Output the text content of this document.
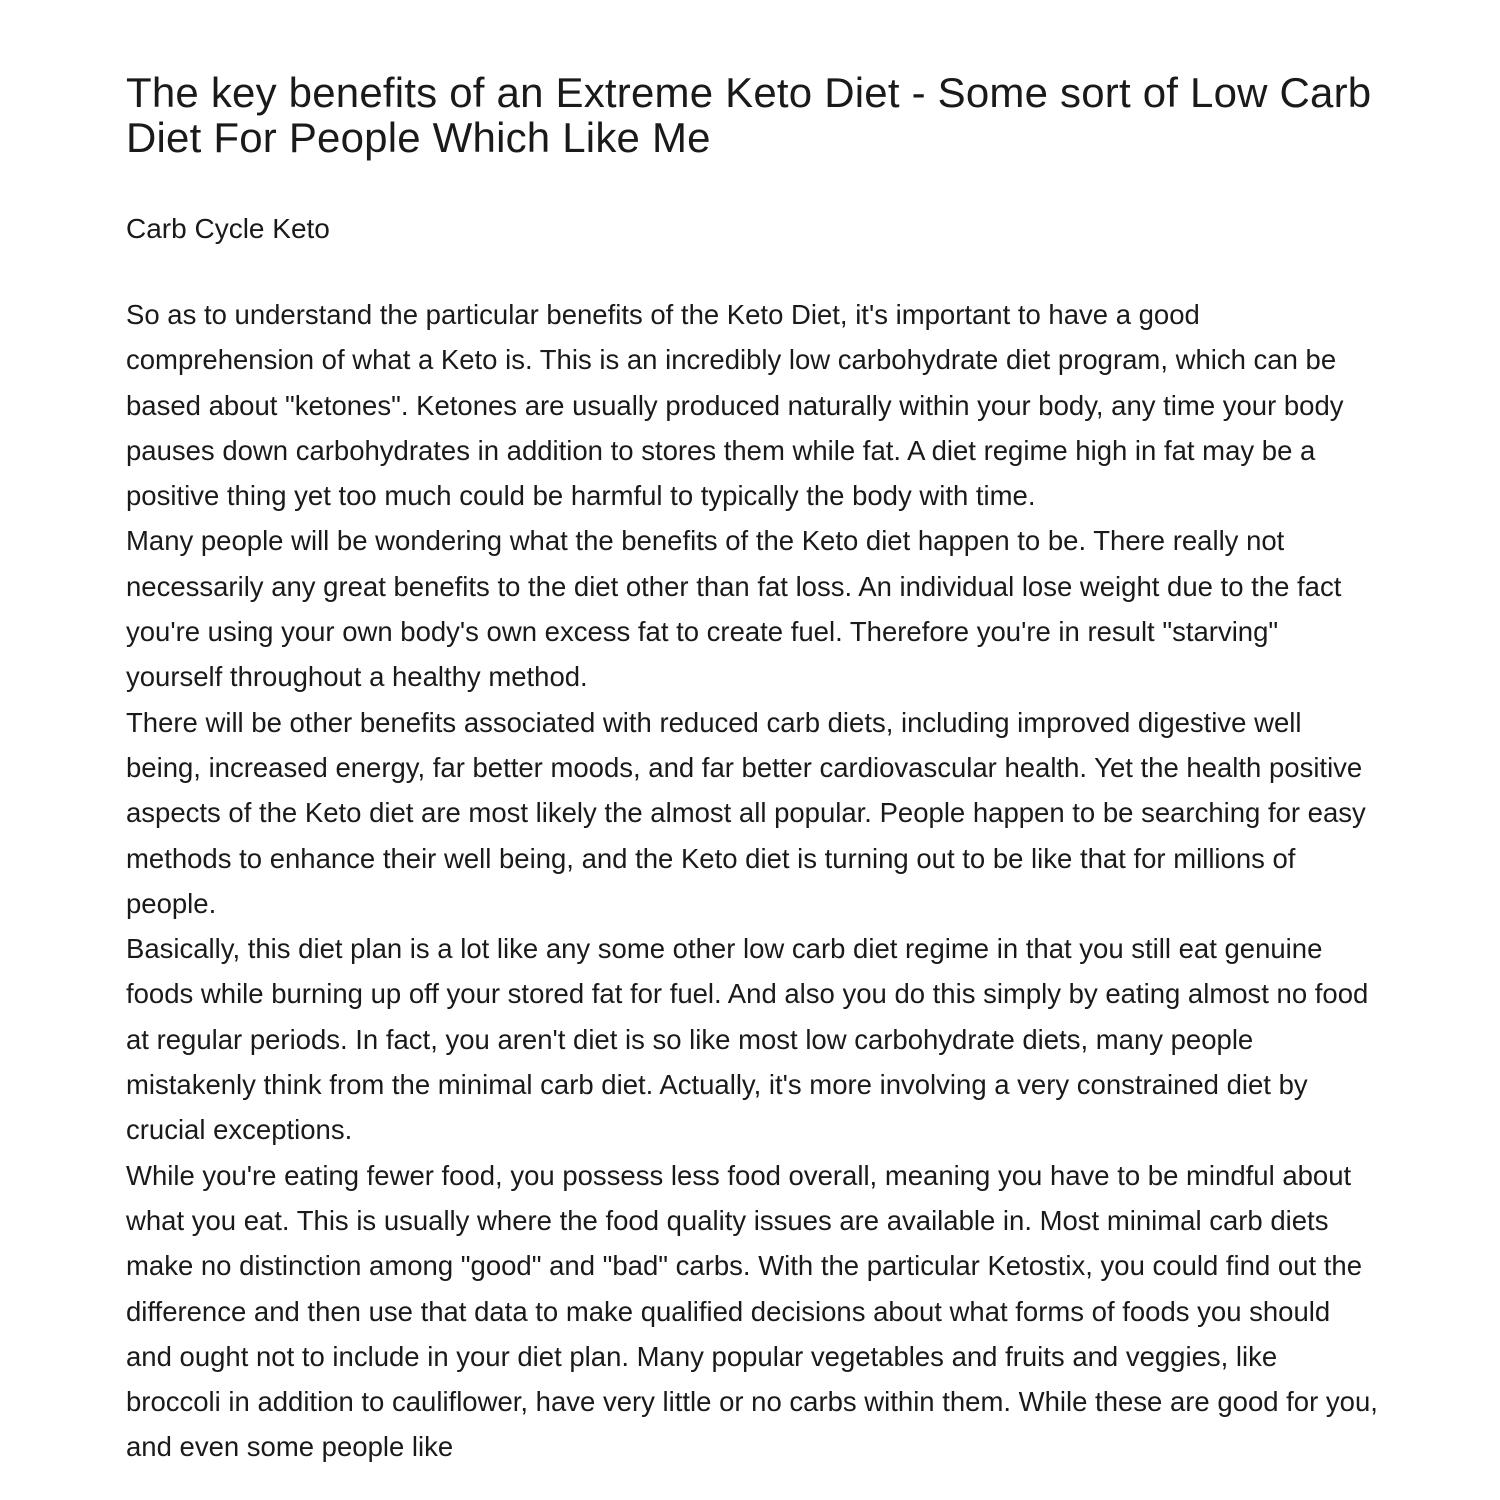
The key benefits of an Extreme Keto Diet - Some sort of Low Carb Diet For People Which Like Me

Carb Cycle Keto

So as to understand the particular benefits of the Keto Diet, it's important to have a good comprehension of what a Keto is. This is an incredibly low carbohydrate diet program, which can be based about "ketones". Ketones are usually produced naturally within your body, any time your body pauses down carbohydrates in addition to stores them while fat. A diet regime high in fat may be a positive thing yet too much could be harmful to typically the body with time.

Many people will be wondering what the benefits of the Keto diet happen to be. There really not necessarily any great benefits to the diet other than fat loss. An individual lose weight due to the fact you're using your own body's own excess fat to create fuel. Therefore you're in result "starving" yourself throughout a healthy method.

There will be other benefits associated with reduced carb diets, including improved digestive well being, increased energy, far better moods, and far better cardiovascular health. Yet the health positive aspects of the Keto diet are most likely the almost all popular. People happen to be searching for easy methods to enhance their well being, and the Keto diet is turning out to be like that for millions of people.

Basically, this diet plan is a lot like any some other low carb diet regime in that you still eat genuine foods while burning up off your stored fat for fuel. And also you do this simply by eating almost no food at regular periods. In fact, you aren't diet is so like most low carbohydrate diets, many people mistakenly think from the minimal carb diet. Actually, it's more involving a very constrained diet by crucial exceptions.

While you're eating fewer food, you possess less food overall, meaning you have to be mindful about what you eat. This is usually where the food quality issues are available in. Most minimal carb diets make no distinction among "good" and "bad" carbs. With the particular Ketostix, you could find out the difference and then use that data to make qualified decisions about what forms of foods you should and ought not to include in your diet plan. Many popular vegetables and fruits and veggies, like broccoli in addition to cauliflower, have very little or no carbs within them. While these are good for you, and even some people like
